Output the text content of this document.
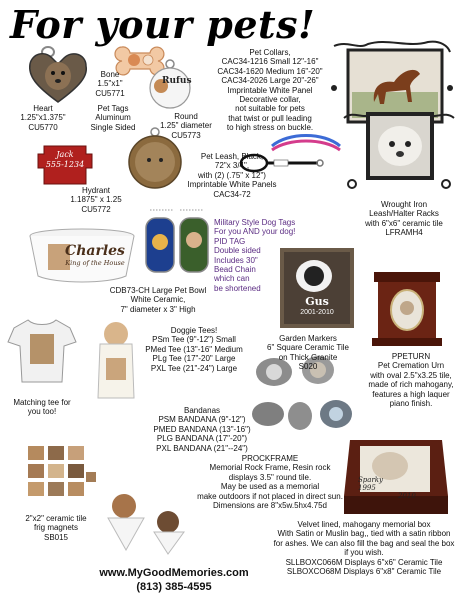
For your pets!
Rufus
Jack
555-1234
Charles
King of the House
Gus
2001-2010
Sparky
1995
2010
Heart
1.25"x1.375"
CU5770
Bone
1.5"x1"
CU5771
Pet Tags
Aluminum
Single Sided
Round
1.25" diameter
CU5773
Pet Collars,
CAC34-1216 Small 12"-16"
CAC34-1620 Medium 16"-20"
CAC34-2026 Large 20"-26"
Imprintable White Panel
Decorative collar,
not suitable for pets
that twist or pull leading
to high stress on buckle.
Hydrant
1.1875" x 1.25
CU5772
Pet Leash, Black,
72"x 3/4",
with (2) (.75" x 12")
Imprintable White Panels
CAC34-72
Wrought Iron
Leash/Halter Racks
with 6"x6" ceramic tile
LFRAMH4
Military Style Dog Tags
For you AND your dog!
PID TAG
Double sided
Includes 30"
Bead Chain
which can
be shortened
CDB73-CH Large Pet Bowl
White Ceramic,
7" diameter x 3" High
Garden Markers
6" Square Ceramic Tile
on Thick Granite
S020
PPETURN
Pet Cremation Urn
with oval 2.5"x3.25 tile,
made of rich mahogany,
features a high laquer
piano finish.
Doggie Tees!
PSm Tee (9"-12") Small
PMed Tee (13"-16" Medium
PLg Tee (17"-20" Large
PXL Tee (21"-24") Large
Matching tee for
you too!	Bandanas
PSM BANDANA (9"-12")
PMED BANDANA (13"-16")
PLG BANDANA (17"-20")
PXL BANDANA (21"--24")
PROCKFRAME
Memorial Rock Frame, Resin rock
displays 3.5" round tile.
May be used as a memorial
make outdoors if not placed in direct sun.
Dimensions are 8"x5w.5hx4.75d
2"x2" ceramic tile
frig magnets
SB015
Velvet lined, mahogany memorial box
With Satin or Muslin bag,, tied with a satin ribbon
for ashes. We can also fill the bag and seal the box
if you wish.
SLLBOXC066M Displays 6"x6" Ceramic Tile
SLBOXCO68M Displays 6"x8" Ceramic Tile
www.MyGoodMemories.com
(813) 385-4595
